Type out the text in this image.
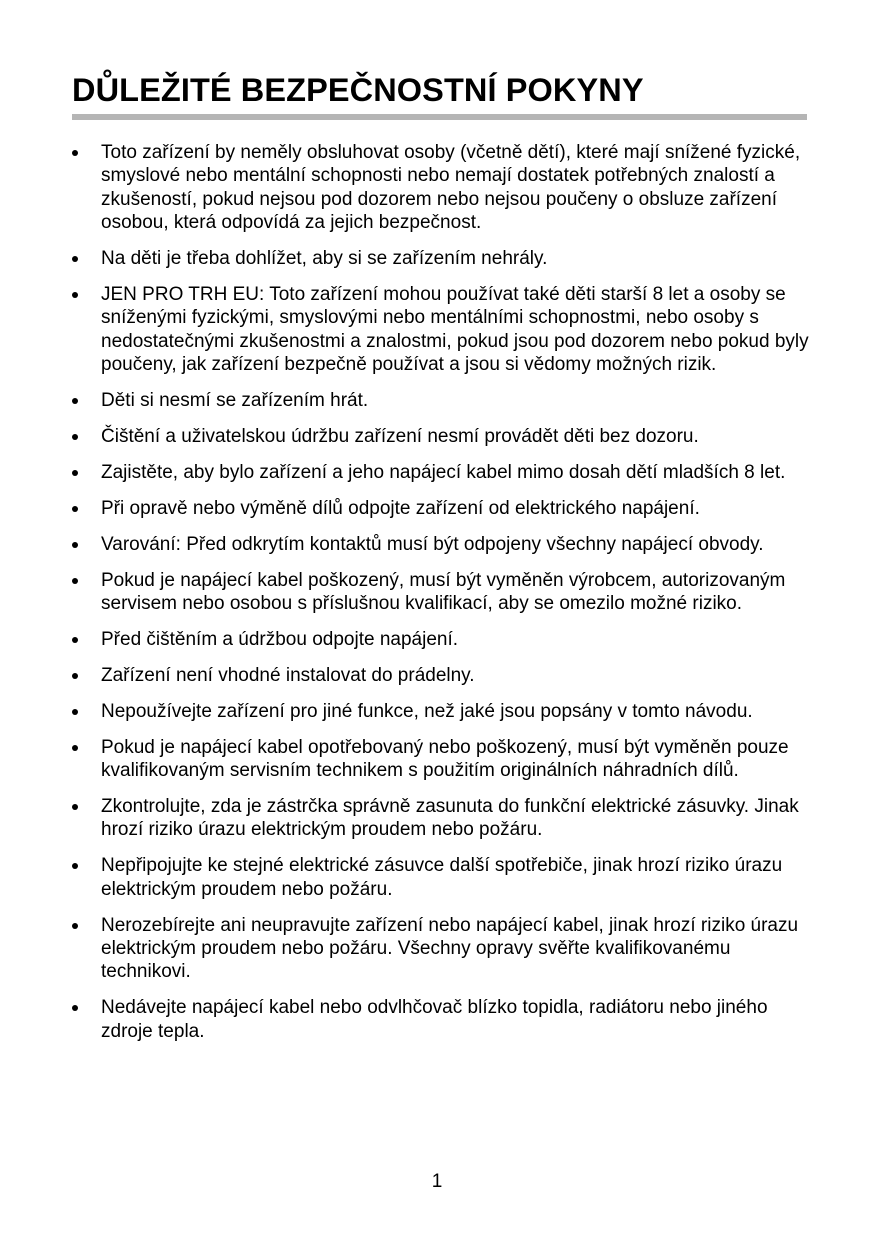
DŮLEŽITÉ BEZPEČNOSTNÍ POKYNY
Toto zařízení by neměly obsluhovat osoby (včetně dětí), které mají snížené fyzické, smyslové nebo mentální schopnosti nebo nemají dostatek potřebných znalostí a zkušeností, pokud nejsou pod dozorem nebo nejsou poučeny o obsluze zařízení osobou, která odpovídá za jejich bezpečnost.
Na děti je třeba dohlížet, aby si se zařízením nehrály.
JEN PRO TRH EU: Toto zařízení mohou používat také děti starší 8 let a osoby se sníženými fyzickými, smyslovými nebo mentálními schopnostmi, nebo osoby s nedostatečnými zkušenostmi a znalostmi, pokud jsou pod dozorem nebo pokud byly poučeny, jak zařízení bezpečně používat a jsou si vědomy možných rizik.
Děti si nesmí se zařízením hrát.
Čištění a uživatelskou údržbu zařízení nesmí provádět děti bez dozoru.
Zajistěte, aby bylo zařízení a jeho napájecí kabel mimo dosah dětí mladších 8 let.
Při opravě nebo výměně dílů odpojte zařízení od elektrického napájení.
Varování: Před odkrytím kontaktů musí být odpojeny všechny napájecí obvody.
Pokud je napájecí kabel poškozený, musí být vyměněn výrobcem, autorizovaným servisem nebo osobou s příslušnou kvalifikací, aby se omezilo možné riziko.
Před čištěním a údržbou odpojte napájení.
Zařízení není vhodné instalovat do prádelny.
Nepoužívejte zařízení pro jiné funkce, než jaké jsou popsány v tomto návodu.
Pokud je napájecí kabel opotřebovaný nebo poškozený, musí být vyměněn pouze kvalifikovaným servisním technikem s použitím originálních náhradních dílů.
Zkontrolujte, zda je zástrčka správně zasunuta do funkční elektrické zásuvky. Jinak hrozí riziko úrazu elektrickým proudem nebo požáru.
Nepřipojujte ke stejné elektrické zásuvce další spotřebiče, jinak hrozí riziko úrazu elektrickým proudem nebo požáru.
Nerozebírejte ani neupravujte zařízení nebo napájecí kabel, jinak hrozí riziko úrazu elektrickým proudem nebo požáru. Všechny opravy svěřte kvalifikovanému technikovi.
Nedávejte napájecí kabel nebo odvlhčovač blízko topidla, radiátoru nebo jiného zdroje tepla.
1
